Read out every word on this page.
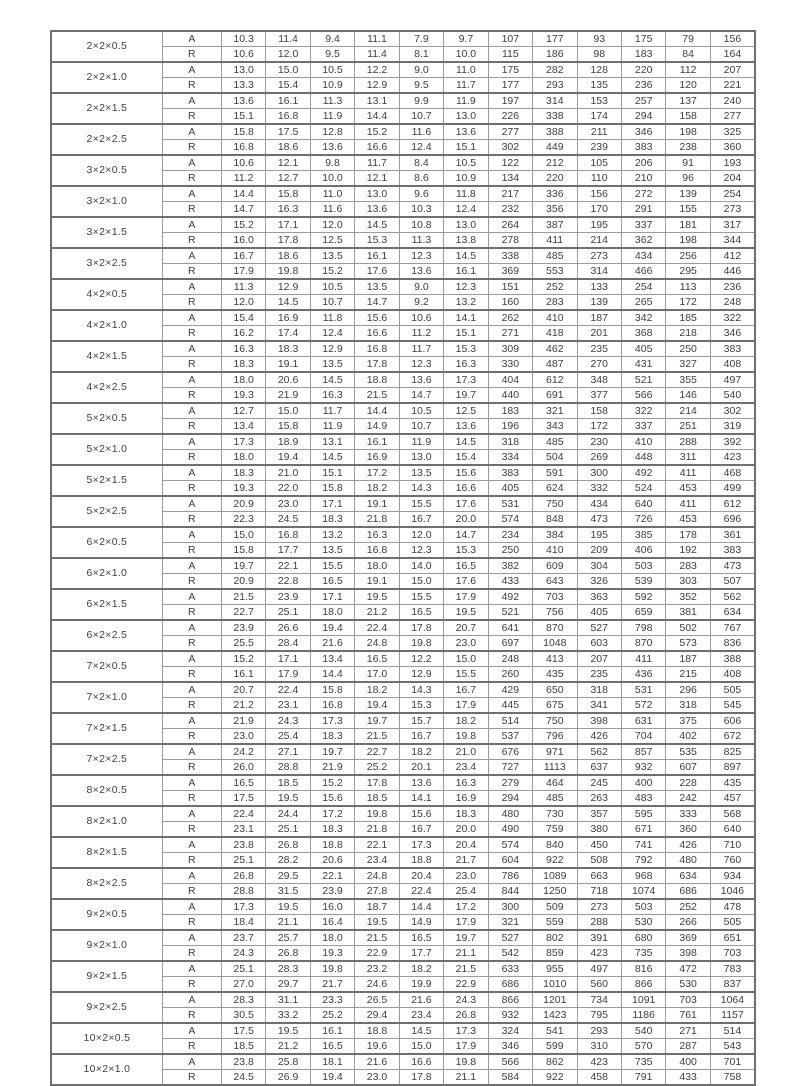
2×2×0.5	A	10.3	11.4	9.4	11.1	7.9	9.7	107	177	93	175	79	156
	R	10.6	12.0	9.5	11.4	8.1	10.0	115	186	98	183	84	164
2×2×1.0	A	13.0	15.0	10.5	12.2	9.0	11.0	175	282	128	220	112	207
	R	13.3	15.4	10.9	12.9	9.5	11.7	177	293	135	236	120	221
2×2×1.5	A	13.6	16.1	11.3	13.1	9.9	11.9	197	314	153	257	137	240
	R	15.1	16.8	11.9	14.4	10.7	13.0	226	338	174	294	158	277
2×2×2.5	A	15.8	17.5	12.8	15.2	11.6	13.6	277	388	211	346	198	325
	R	16.8	18.6	13.6	16.6	12.4	15.1	302	449	239	383	238	360
3×2×0.5	A	10.6	12.1	9.8	11.7	8.4	10.5	122	212	105	206	91	193
	R	11.2	12.7	10.0	12.1	8.6	10.9	134	220	110	210	96	204
3×2×1.0	A	14.4	15.8	11.0	13.0	9.6	11.8	217	336	156	272	139	254
	R	14.7	16.3	11.6	13.6	10.3	12.4	232	356	170	291	155	273
3×2×1.5	A	15.2	17.1	12.0	14.5	10.8	13.0	264	387	195	337	181	317
	R	16.0	17.8	12.5	15.3	11.3	13.8	278	411	214	362	198	344
3×2×2.5	A	16.7	18.6	13.5	16.1	12.3	14.5	338	485	273	434	256	412
	R	17.9	19.8	15.2	17.6	13.6	16.1	369	553	314	466	295	446
4×2×0.5	A	11.3	12.9	10.5	13.5	9.0	12.3	151	252	133	254	113	236
	R	12.0	14.5	10.7	14.7	9.2	13.2	160	283	139	265	172	248
4×2×1.0	A	15.4	16.9	11.8	15.6	10.6	14.1	262	410	187	342	185	322
	R	16.2	17.4	12.4	16.6	11.2	15.1	271	418	201	368	218	346
4×2×1.5	A	16.3	18.3	12.9	16.8	11.7	15.3	309	462	235	405	250	383
	R	18.3	19.1	13.5	17.8	12.3	16.3	330	487	270	431	327	408
4×2×2.5	A	18.0	20.6	14.5	18.8	13.6	17.3	404	612	348	521	355	497
	R	19.3	21.9	16.3	21.5	14.7	19.7	440	691	377	566	146	540
5×2×0.5	A	12.7	15.0	11.7	14.4	10.5	12.5	183	321	158	322	214	302
	R	13.4	15.8	11.9	14.9	10.7	13.6	196	343	172	337	251	319
5×2×1.0	A	17.3	18.9	13.1	16.1	11.9	14.5	318	485	230	410	288	392
	R	18.0	19.4	14.5	16.9	13.0	15.4	334	504	269	448	311	423
5×2×1.5	A	18.3	21.0	15.1	17.2	13.5	15.6	383	591	300	492	411	468
	R	19.3	22.0	15.8	18.2	14.3	16.6	405	624	332	524	453	499
5×2×2.5	A	20.9	23.0	17.1	19.1	15.5	17.6	531	750	434	640	411	612
	R	22.3	24.5	18.3	21.8	16.7	20.0	574	848	473	726	453	696
6×2×0.5	A	15.0	16.8	13.2	16.3	12.0	14.7	234	384	195	385	178	361
	R	15.8	17.7	13.5	16.8	12.3	15.3	250	410	209	406	192	383
6×2×1.0	A	19.7	22.1	15.5	18.0	14.0	16.5	382	609	304	503	283	473
	R	20.9	22.8	16.5	19.1	15.0	17.6	433	643	326	539	303	507
6×2×1.5	A	21.5	23.9	17.1	19.5	15.5	17.9	492	703	363	592	352	562
	R	22.7	25.1	18.0	21.2	16.5	19.5	521	756	405	659	381	634
6×2×2.5	A	23.9	26.6	19.4	22.4	17.8	20.7	641	870	527	798	502	767
	R	25.5	28.4	21.6	24.8	19.8	23.0	697	1048	603	870	573	836
7×2×0.5	A	15.2	17.1	13.4	16.5	12.2	15.0	248	413	207	411	187	388
	R	16.1	17.9	14.4	17.0	12.9	15.5	260	435	235	436	215	408
7×2×1.0	A	20.7	22.4	15.8	18.2	14.3	16.7	429	650	318	531	296	505
	R	21.2	23.1	16.8	19.4	15.3	17.9	445	675	341	572	318	545
7×2×1.5	A	21.9	24.3	17.3	19.7	15.7	18.2	514	750	398	631	375	606
	R	23.0	25.4	18.3	21.5	16.7	19.8	537	796	426	704	402	672
7×2×2.5	A	24.2	27.1	19.7	22.7	18.2	21.0	676	971	562	857	535	825
	R	26.0	28.8	21.9	25.2	20.1	23.4	727	1113	637	932	607	897
8×2×0.5	A	16.5	18.5	15.2	17.8	13.6	16.3	279	464	245	400	228	435
	R	17.5	19.5	15.6	18.5	14.1	16.9	294	485	263	483	242	457
8×2×1.0	A	22.4	24.4	17.2	19.8	15.6	18.3	480	730	357	595	333	568
	R	23.1	25.1	18.3	21.8	16.7	20.0	490	759	380	671	360	640
8×2×1.5	A	23.8	26.8	18.8	22.1	17.3	20.4	574	840	450	741	426	710
	R	25.1	28.2	20.6	23.4	18.8	21.7	604	922	508	792	480	760
8×2×2.5	A	26.8	29.5	22.1	24.8	20.4	23.0	786	1089	663	968	634	934
	R	28.8	31.5	23.9	27.8	22.4	25.4	844	1250	718	1074	686	1046
9×2×0.5	A	17.3	19.5	16.0	18.7	14.4	17.2	300	509	273	503	252	478
	R	18.4	21.1	16.4	19.5	14.9	17.9	321	559	288	530	266	505
9×2×1.0	A	23.7	25.7	18.0	21.5	16.5	19.7	527	802	391	680	369	651
	R	24.3	26.8	19.3	22.9	17.7	21.1	542	859	423	735	398	703
9×2×1.5	A	25.1	28.3	19.8	23.2	18.2	21.5	633	955	497	816	472	783
	R	27.0	29.7	21.7	24.6	19.9	22.9	686	1010	560	866	530	837
9×2×2.5	A	28.3	31.1	23.3	26.5	21.6	24.3	866	1201	734	1091	703	1064
	R	30.5	33.2	25.2	29.4	23.4	26.8	932	1423	795	1186	761	1157
10×2×0.5	A	17.5	19.5	16.1	18.8	14.5	17.3	324	541	293	540	271	514
	R	18.5	21.2	16.5	19.6	15.0	17.9	346	599	310	570	287	543
10×2×1.0	A	23.8	25.8	18.1	21.6	16.6	19.8	566	862	423	735	400	701
	R	24.5	26.9	19.4	23.0	17.8	21.1	584	922	458	791	433	758
